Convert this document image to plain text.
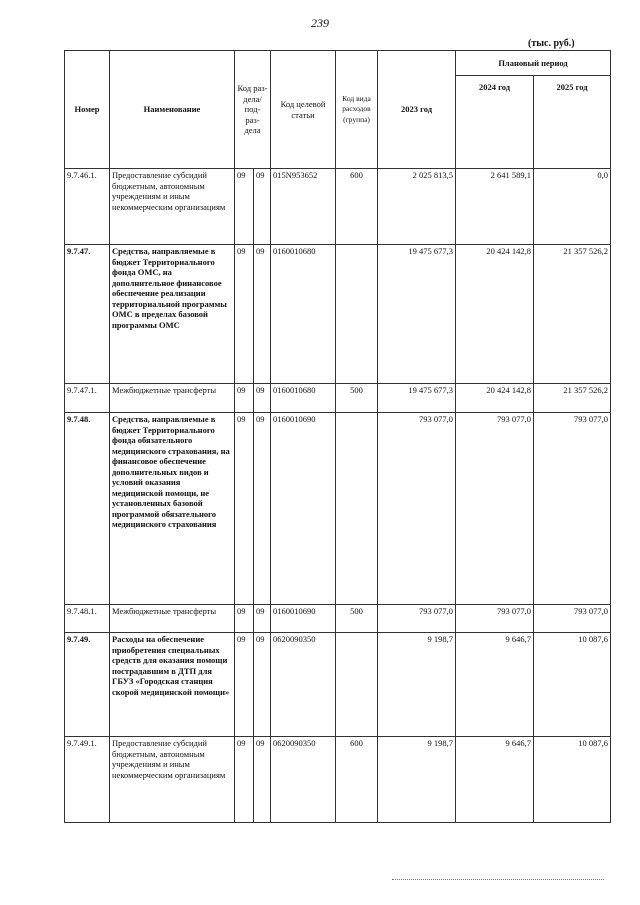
239
(тыс. руб.)
Номер	Наименование	Код раз- дела/ под- раз- дела		Код целевой статьи	Код вида расходов (группа)	2023 год	Плановый период	
							2024 год	2025 год
9.7.46.1.	Предоставление субсидий бюджетным, автономным учреждениям и иным некоммерческим организациям	09	09	015N953652	600	2 025 813,5	2 641 589,1	0,0
9.7.47.	Средства, направляемые в бюджет Территориального фонда ОМС, на дополнительное финансовое обеспечение реализации территориальной программы ОМС в пределах базовой программы ОМС	09	09	0160010680		19 475 677,3	20 424 142,8	21 357 526,2
9.7.47.1.	Межбюджетные трансферты	09	09	0160010680	500	19 475 677,3	20 424 142,8	21 357 526,2
9.7.48.	Средства, направляемые в бюджет Территориального фонда обязательного медицинского страхования, на финансовое обеспечение дополнительных видов и условий оказания медицинской помощи, не установленных базовой программой обязательного медицинского страхования	09	09	0160010690		793 077,0	793 077,0	793 077,0
9.7.48.1.	Межбюджетные трансферты	09	09	0160010690	500	793 077,0	793 077,0	793 077,0
9.7.49.	Расходы на обеспечение приобретения специальных средств для оказания помощи пострадавшим в ДТП для ГБУЗ «Городская станция скорой медицинской помощи»	09	09	0620090350		9 198,7	9 646,7	10 087,6
9.7.49.1.	Предоставление субсидий бюджетным, автономным учреждениям и иным некоммерческим организациям	09	09	0620090350	600	9 198,7	9 646,7	10 087,6
